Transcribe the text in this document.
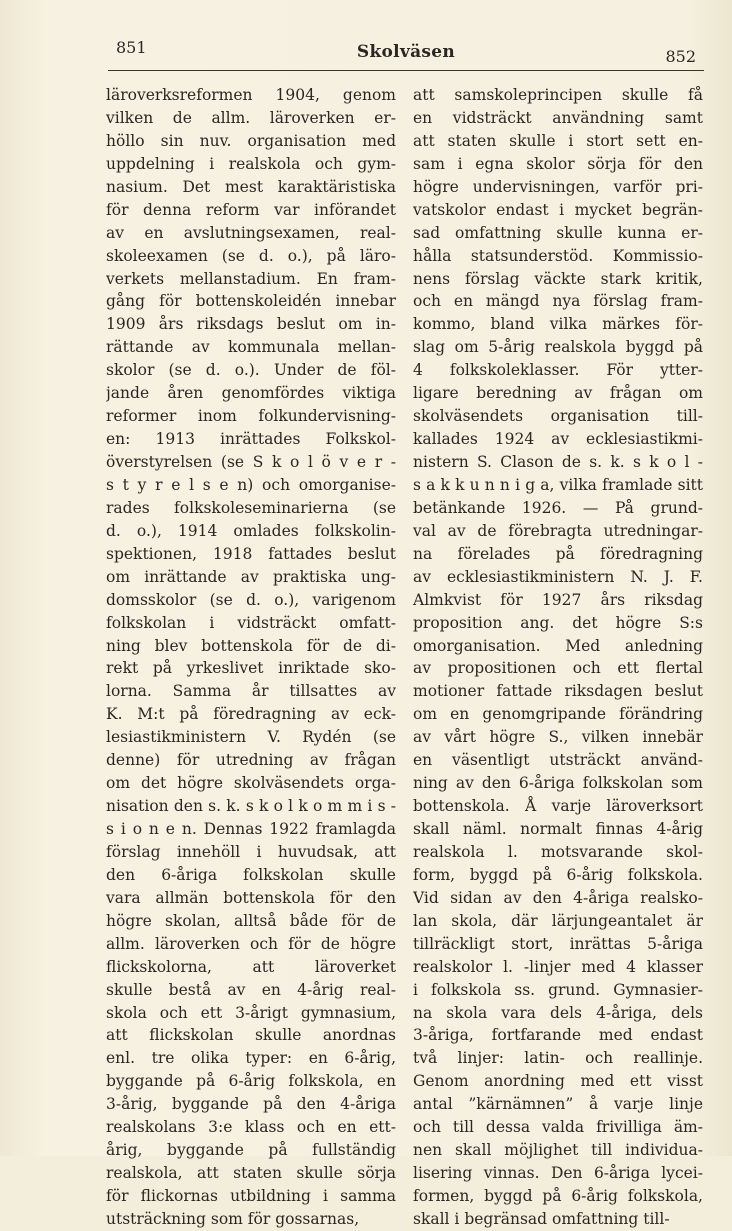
851	Skolväsen	852
läroverksreformen 1904, genom
vilken de allm. läroverken er-
höllo sin nuv. organisation med
uppdelning i realskola och gym-
nasium. Det mest karaktäristiska
för denna reform var införandet
av en avslutningsexamen, real-
skoleexamen (se d. o.), på läro-
verkets mellanstadium. En fram-
gång för bottenskoleidén innebar
1909 års riksdags beslut om in-
rättande av kommunala mellan-
skolor (se d. o.). Under de föl-
jande åren genomfördes viktiga
reformer inom folkundervisning-
en: 1913 inrättades Folkskol-
överstyrelsen (se S k o l ö v e r -
s t y r e l s e n) och omorganise-
rades folkskoleseminarierna (se
d. o.), 1914 omlades folkskolin-
spektionen, 1918 fattades beslut
om inrättande av praktiska ung-
domsskolor (se d. o.), varigenom
folkskolan i vidsträckt omfatt-
ning blev bottenskola för de di-
rekt på yrkeslivet inriktade sko-
lorna. Samma år tillsattes av
K. M:t på föredragning av eck-
lesiastikministern V. Rydén (se
denne) för utredning av frågan
om det högre skolväsendets orga-
nisation den s. k. s k o l k o m m i s -
s i o n e n. Dennas 1922 framlagda
förslag innehöll i huvudsak, att
den 6-åriga folkskolan skulle
vara allmän bottenskola för den
högre skolan, alltså både för de
allm. läroverken och för de högre
flickskolorna, att läroverket
skulle bestå av en 4-årig real-
skola och ett 3-årigt gymnasium,
att flickskolan skulle anordnas
enl. tre olika typer: en 6-årig,
byggande på 6-årig folkskola, en
3-årig, byggande på den 4-åriga
realskolans 3:e klass och en ett-
årig, byggande på fullständig
realskola, att staten skulle sörja
för flickornas utbildning i samma
utsträckning som för gossarnas,
att samskoleprincipen skulle få
en vidsträckt användning samt
att staten skulle i stort sett en-
sam i egna skolor sörja för den
högre undervisningen, varför pri-
vatskolor endast i mycket begrän-
sad omfattning skulle kunna er-
hålla statsunderstöd. Kommissio-
nens förslag väckte stark kritik,
och en mängd nya förslag fram-
kommo, bland vilka märkes för-
slag om 5-årig realskola byggd på
4 folkskoleklasser. För ytter-
ligare beredning av frågan om
skolväsendets organisation till-
kallades 1924 av ecklesiastikmi-
nistern S. Clason de s. k. s k o l -
s a k k u n n i g a, vilka framlade sitt
betänkande 1926. — På grund-
val av de förebragta utredningar-
na förelades på föredragning
av ecklesiastikministern N. J. F.
Almkvist för 1927 års riksdag
proposition ang. det högre S:s
omorganisation. Med anledning
av propositionen och ett flertal
motioner fattade riksdagen beslut
om en genomgripande förändring
av vårt högre S., vilken innebär
en väsentligt utsträckt använd-
ning av den 6-åriga folkskolan som
bottenskola. Å varje läroverksort
skall näml. normalt finnas 4-årig
realskola l. motsvarande skol-
form, byggd på 6-årig folkskola.
Vid sidan av den 4-åriga realsko-
lan skola, där lärjungeantalet är
tillräckligt stort, inrättas 5-åriga
realskolor l. -linjer med 4 klasser
i folkskola ss. grund. Gymnasier-
na skola vara dels 4-åriga, dels
3-åriga, fortfarande med endast
två linjer: latin- och reallinje.
Genom anordning med ett visst
antal ”kärnämnen” å varje linje
och till dessa valda frivilliga äm-
nen skall möjlighet till individua-
lisering vinnas. Den 6-åriga lycei-
formen, byggd på 6-årig folkskola,
skall i begränsad omfattning till-
